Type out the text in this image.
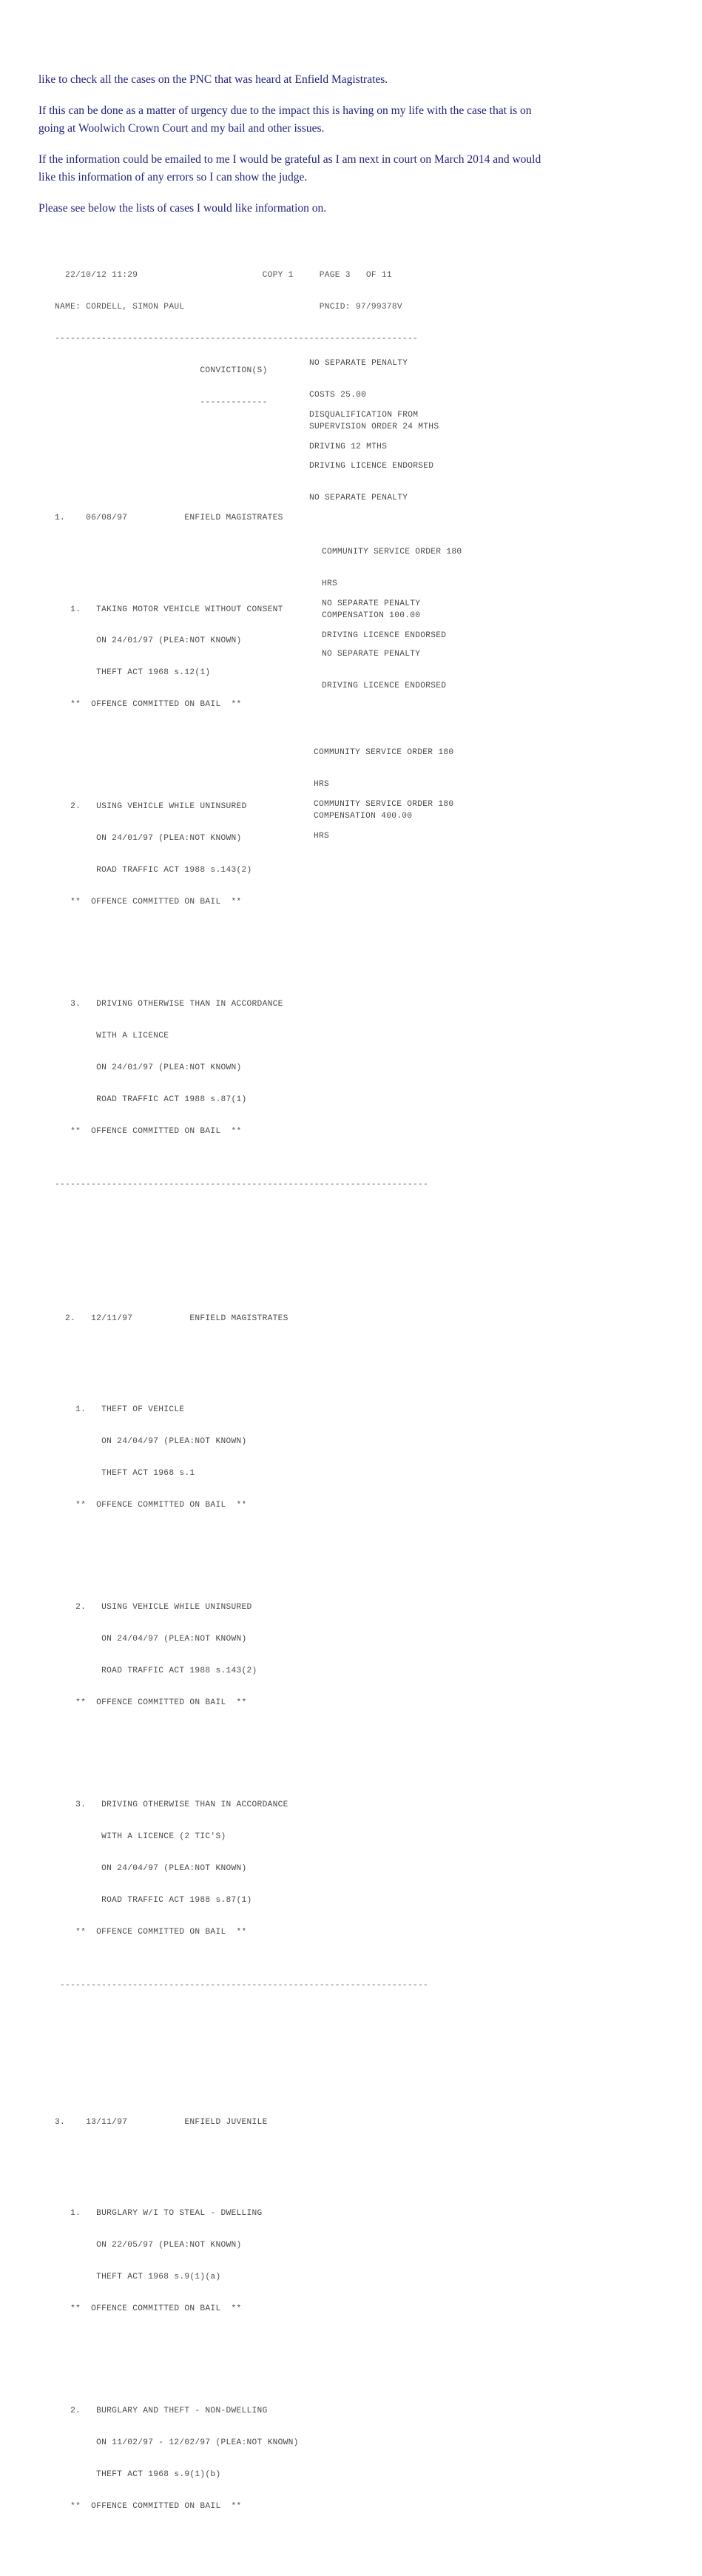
like to check all the cases on the PNC that was heard at Enfield Magistrates.

If this can be done as a matter of urgency due to the impact this is having on my life with the case that is on going at Woolwich Crown Court and my bail and other issues.

If the information could be emailed to me I would be grateful as I am next in court on March 2014 and would like this information of any errors so I can show the judge.

Please see below the lists of cases I would like information on.

22/10/12 11:29                        COPY 1     PAGE 3   OF 11

NAME: CORDELL, SIMON PAUL                          PNCID: 97/99378V

----------------------------------------------------------------------

CONVICTION(S)

-------------

1.    06/08/97           ENFIELD MAGISTRATES

1.   TAKING MOTOR VEHICLE WITHOUT CONSENT

ON 24/01/97 (PLEA:NOT KNOWN)

THEFT ACT 1968 s.12(1)

**  OFFENCE COMMITTED ON BAIL  **

2.   USING VEHICLE WHILE UNINSURED

ON 24/01/97 (PLEA:NOT KNOWN)

ROAD TRAFFIC ACT 1988 s.143(2)

**  OFFENCE COMMITTED ON BAIL  **

3.   DRIVING OTHERWISE THAN IN ACCORDANCE

WITH A LICENCE

ON 24/01/97 (PLEA:NOT KNOWN)

ROAD TRAFFIC ACT 1988 s.87(1)

**  OFFENCE COMMITTED ON BAIL  **

------------------------------------------------------------------------

2.   12/11/97           ENFIELD MAGISTRATES

1.   THEFT OF VEHICLE

ON 24/04/97 (PLEA:NOT KNOWN)

THEFT ACT 1968 s.1

**  OFFENCE COMMITTED ON BAIL  **

2.   USING VEHICLE WHILE UNINSURED

ON 24/04/97 (PLEA:NOT KNOWN)

ROAD TRAFFIC ACT 1988 s.143(2)

**  OFFENCE COMMITTED ON BAIL  **

3.   DRIVING OTHERWISE THAN IN ACCORDANCE

WITH A LICENCE (2 TIC'S)

ON 24/04/97 (PLEA:NOT KNOWN)

ROAD TRAFFIC ACT 1988 s.87(1)

**  OFFENCE COMMITTED ON BAIL  **

-----------------------------------------------------------------------

3.    13/11/97           ENFIELD JUVENILE

1.   BURGLARY W/I TO STEAL - DWELLING

ON 22/05/97 (PLEA:NOT KNOWN)

THEFT ACT 1968 s.9(1)(a)

**  OFFENCE COMMITTED ON BAIL  **

2.   BURGLARY AND THEFT - NON-DWELLING

ON 11/02/97 - 12/02/97 (PLEA:NOT KNOWN)

THEFT ACT 1968 s.9(1)(b)

**  OFFENCE COMMITTED ON BAIL  **

NO SEPARATE PENALTY

COSTS 25.00

SUPERVISION ORDER 24 MTHS

DISQUALIFICATION FROM

DRIVING 12 MTHS

DRIVING LICENCE ENDORSED

NO SEPARATE PENALTY

COMMUNITY SERVICE ORDER 180

HRS

COMPENSATION 100.00

NO SEPARATE PENALTY

DRIVING LICENCE ENDORSED

NO SEPARATE PENALTY

DRIVING LICENCE ENDORSED

COMMUNITY SERVICE ORDER 180

HRS

COMPENSATION 400.00

COMMUNITY SERVICE ORDER 180

HRS
